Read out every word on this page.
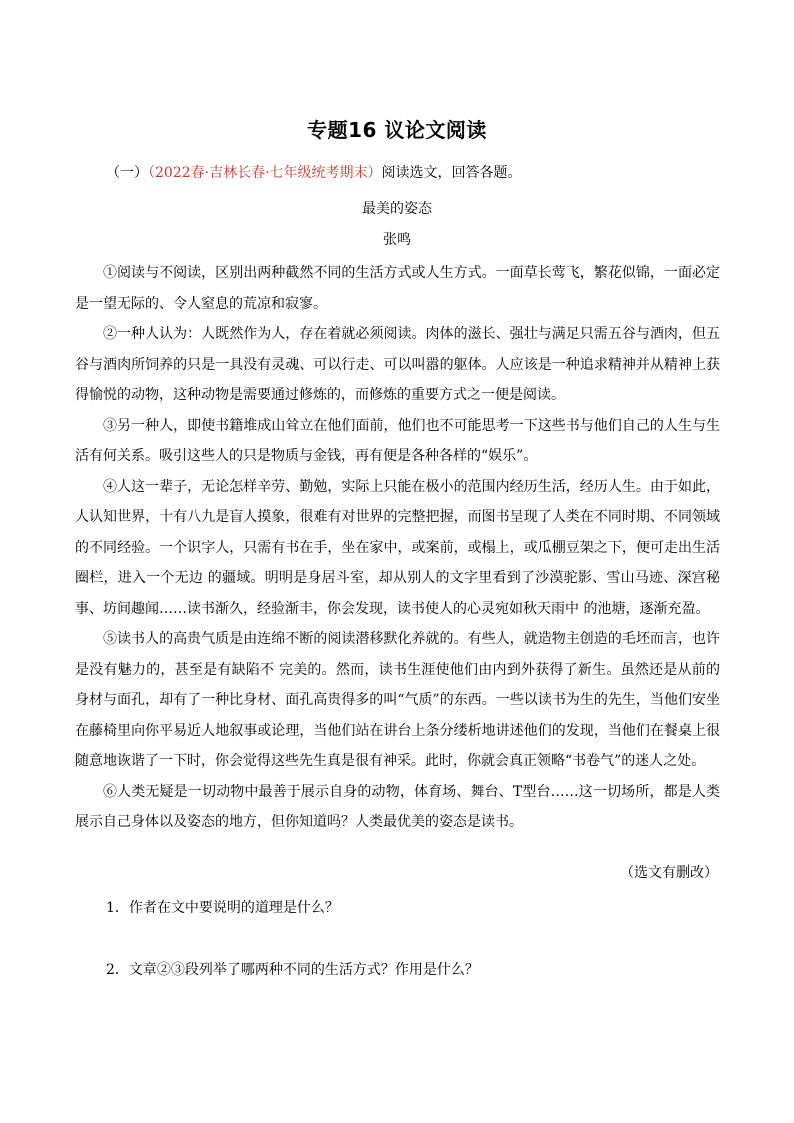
专题16 议论文阅读
（一）（2022春·吉林长春·七年级统考期末）阅读选文，回答各题。
最美的姿态
张鸣

①阅读与不阅读，区别出两种截然不同的生活方式或人生方式。一面草长莺飞，繁花似锦，一面必定是一望无际的、令人窒息的荒凉和寂寥。

②一种人认为：人既然作为人，存在着就必须阅读。肉体的滋长、强壮与满足只需五谷与酒肉，但五谷与酒肉所饲养的只是一具没有灵魂、可以行走、可以叫嚣的躯体。人应该是一种追求精神并从精神上获得愉悦的动物，这种动物是需要通过修炼的，而修炼的重要方式之一便是阅读。

③另一种人，即使书籍堆成山耸立在他们面前，他们也不可能思考一下这些书与他们自己的人生与生活有何关系。吸引这些人的只是物质与金钱，再有便是各种各样的“娱乐”。

④人这一辈子，无论怎样辛劳、勤勉，实际上只能在极小的范围内经历生活，经历人生。由于如此，人认知世界，十有八九是盲人摸象，很难有对世界的完整把握，而图书呈现了人类在不同时期、不同领域的不同经验。一个识字人，只需有书在手，坐在家中，或案前，或榻上，或瓜棚豆架之下，便可走出生活圈栏，进入一个无边 的疆域。明明是身居斗室，却从别人的文字里看到了沙漠驼影、雪山马迹、深宫秘事、坊间趣闻……读书渐久，经验渐丰，你会发现，读书使人的心灵宛如秋天雨中 的池塘，逐渐充盈。

⑤读书人的高贵气质是由连绵不断的阅读潜移默化养就的。有些人，就造物主创造的毛坯而言，也许是没有魅力的，甚至是有缺陷不 完美的。然而，读书生涯使他们由内到外获得了新生。虽然还是从前的身材与面孔，却有了一种比身材、面孔高贵得多的叫“气质”的东西。一些以读书为生的先生，当他们安坐在藤椅里向你平易近人地叙事或论理，当他们站在讲台上条分缕析地讲述他们的发现，当他们在餐桌上很随意地诙谐了一下时，你会觉得这些先生真是很有神采。此时，你就会真正领略“书卷气”的迷人之处。

⑥人类无疑是一切动物中最善于展示自身的动物，体育场、舞台、T型台……这一切场所，都是人类展示自己身体以及姿态的地方，但你知道吗？人类最优美的姿态是读书。

（选文有删改）
1．作者在文中要说明的道理是什么？
2．文章②③段列举了哪两种不同的生活方式？作用是什么？
